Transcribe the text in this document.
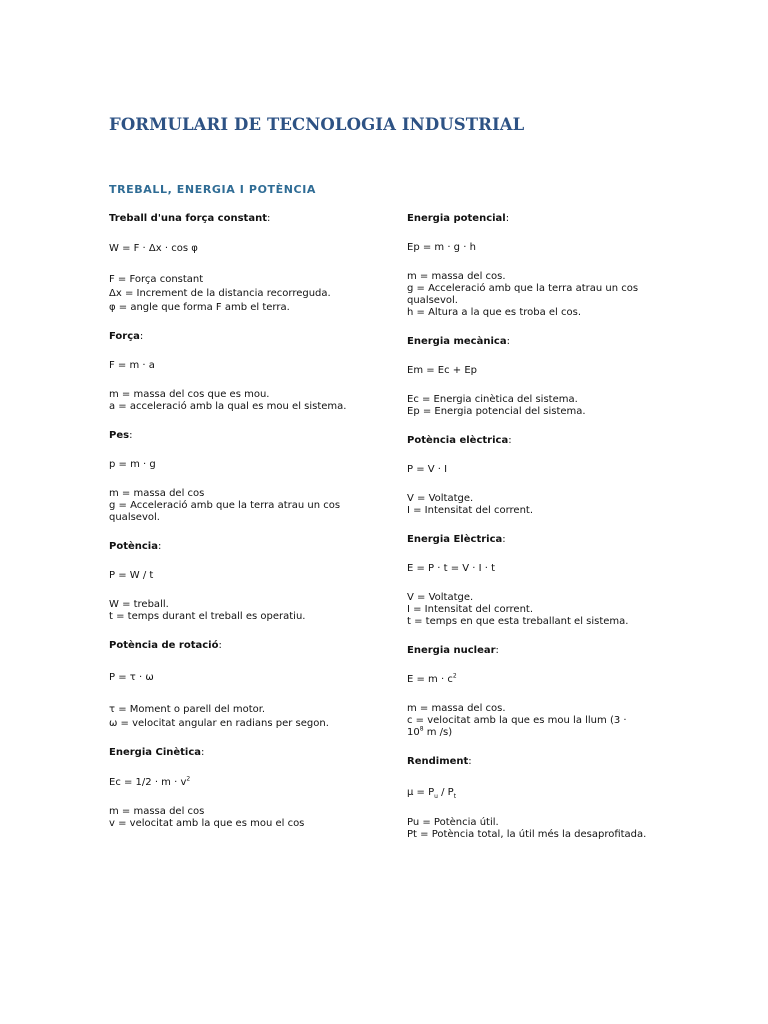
FORMULARI DE TECNOLOGIA INDUSTRIAL
TREBALL, ENERGIA I POTÈNCIA
Treball d'una força constant:
W = F · Δx · cos φ
F = Força constant
Δx = Increment de la distancia recorreguda.
φ = angle que forma F amb el terra.
Força:
F = m · a
m = massa del cos que es mou.
a = acceleració amb la qual es mou el sistema.
Pes:
p = m · g
m = massa del cos
g = Acceleració amb que la terra atrau un cos
qualsevol.
Potència:
P = W / t
W = treball.
t = temps durant el treball es operatiu.
Potència de rotació:
P = τ · ω
τ = Moment o parell del motor.
ω = velocitat angular en radians per segon.
Energia Cinètica:
$Ec = 1/2 \cdot m \cdot v^2$
m = massa del cos
v = velocitat amb la que es mou el cos
Energia potencial:
Ep = m · g · h
m = massa del cos.
g = Acceleració amb que la terra atrau un cos
qualsevol.
h = Altura a la que es troba el cos.
Energia mecànica:
Em = Ec + Ep
Ec = Energia cinètica del sistema.
Ep = Energia potencial del sistema.
Potència elèctrica:
P = V · I
V = Voltatge.
I = Intensitat del corrent.
Energia Elèctrica:
E = P · t = V · I · t
V = Voltatge.
I = Intensitat del corrent.
t = temps en que esta treballant el sistema.
Energia nuclear:
$E = m \cdot c^2$
m = massa del cos.
c = velocitat amb la que es mou la llum (3 ·
$10^8$ m /s)
Rendiment:
$\mu = P_u / P_t$
Pu = Potència útil.
Pt = Potència total, la útil més la desaprofitada.
